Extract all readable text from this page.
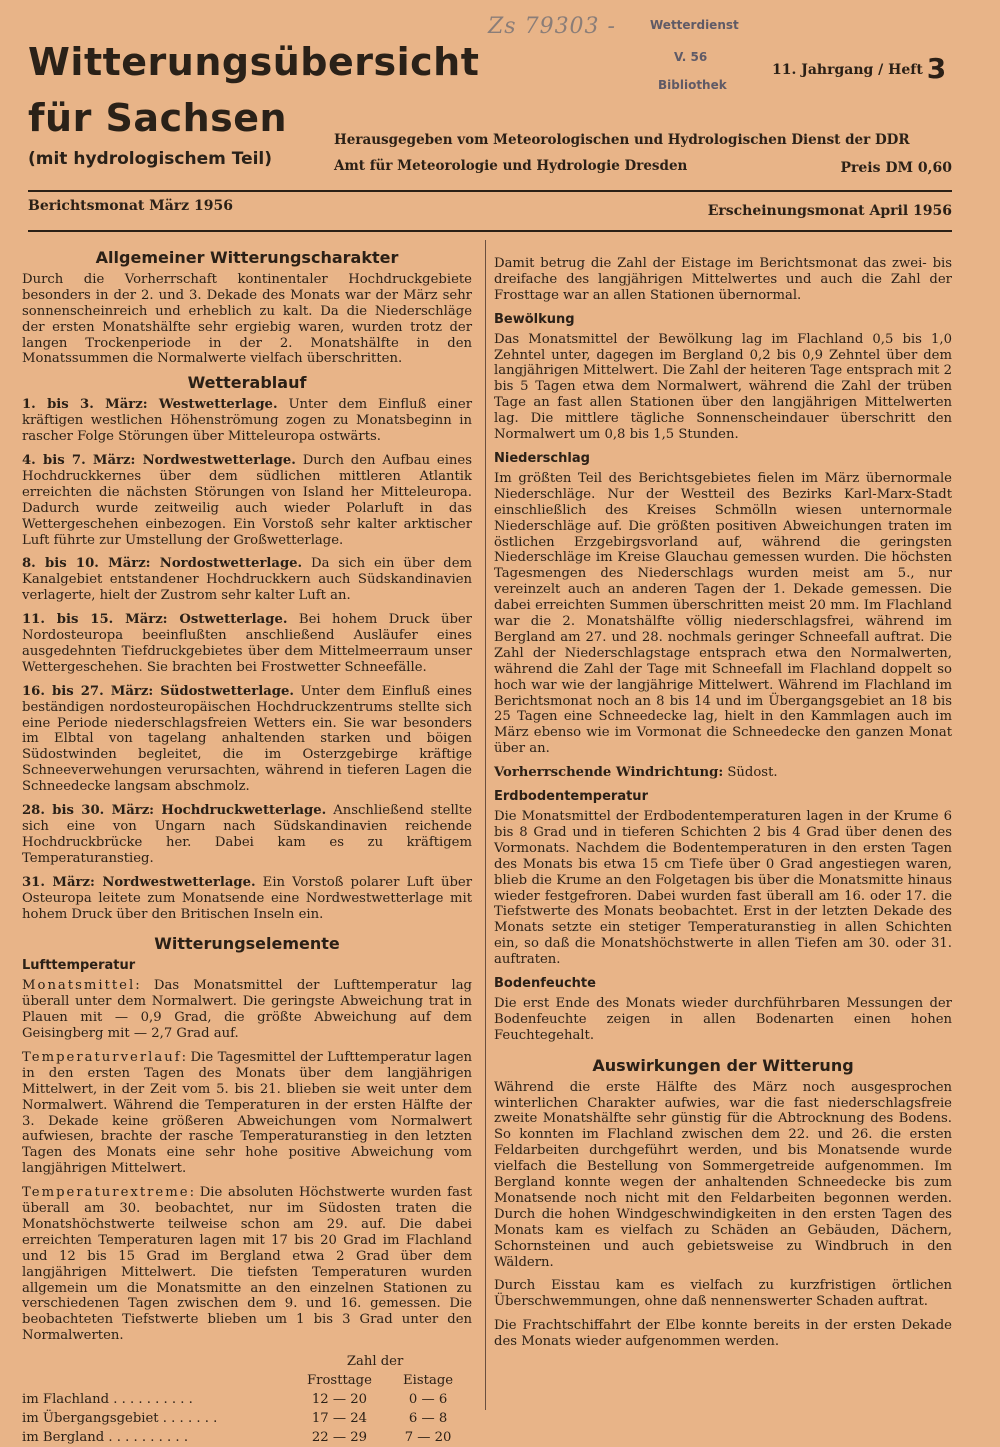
Zs 79303 -	Wetterdienst
V. 56
Bibliothek
Witterungsübersicht
für Sachsen
(mit hydrologischem Teil)
11. Jahrgang / Heft 3
Herausgegeben vom Meteorologischen und Hydrologischen Dienst der DDR
Amt für Meteorologie und Hydrologie Dresden	Preis DM 0,60
Berichtsmonat März 1956	Erscheinungsmonat April 1956
Allgemeiner Witterungscharakter

Durch die Vorherrschaft kontinentaler Hochdruckgebiete besonders in der 2. und 3. Dekade des Monats war der März sehr sonnenscheinreich und erheblich zu kalt. Da die Niederschläge der ersten Monatshälfte sehr ergiebig waren, wurden trotz der langen Trockenperiode in der 2. Monatshälfte in den Monatssummen die Normalwerte vielfach überschritten.

Wetterablauf

1. bis 3. März: Westwetterlage. Unter dem Einfluß einer kräftigen westlichen Höhenströmung zogen zu Monatsbeginn in rascher Folge Störungen über Mitteleuropa ostwärts.

4. bis 7. März: Nordwestwetterlage. Durch den Aufbau eines Hochdruckkernes über dem südlichen mittleren Atlantik erreichten die nächsten Störungen von Island her Mitteleuropa. Dadurch wurde zeitweilig auch wieder Polarluft in das Wettergeschehen einbezogen. Ein Vorstoß sehr kalter arktischer Luft führte zur Umstellung der Großwetterlage.

8. bis 10. März: Nordostwetterlage. Da sich ein über dem Kanalgebiet entstandener Hochdruckkern auch Südskandinavien verlagerte, hielt der Zustrom sehr kalter Luft an.

11. bis 15. März: Ostwetterlage. Bei hohem Druck über Nordosteuropa beeinflußten anschließend Ausläufer eines ausgedehnten Tiefdruckgebietes über dem Mittelmeerraum unser Wettergeschehen. Sie brachten bei Frostwetter Schneefälle.

16. bis 27. März: Südostwetterlage. Unter dem Einfluß eines beständigen nordosteuropäischen Hochdruckzentrums stellte sich eine Periode niederschlagsfreien Wetters ein. Sie war besonders im Elbtal von tagelang anhaltenden starken und böigen Südostwinden begleitet, die im Osterzgebirge kräftige Schneeverwehungen verursachten, während in tieferen Lagen die Schneedecke langsam abschmolz.

28. bis 30. März: Hochdruckwetterlage. Anschließend stellte sich eine von Ungarn nach Südskandinavien reichende Hochdruckbrücke her. Dabei kam es zu kräftigem Temperaturanstieg.

31. März: Nordwestwetterlage. Ein Vorstoß polarer Luft über Osteuropa leitete zum Monatsende eine Nordwestwetterlage mit hohem Druck über den Britischen Inseln ein.

Witterungselemente
Lufttemperatur

Monatsmittel: Das Monatsmittel der Lufttemperatur lag überall unter dem Normalwert. Die geringste Abweichung trat in Plauen mit — 0,9 Grad, die größte Abweichung auf dem Geisingberg mit — 2,7 Grad auf.

Temperaturverlauf: Die Tagesmittel der Lufttemperatur lagen in den ersten Tagen des Monats über dem langjährigen Mittelwert, in der Zeit vom 5. bis 21. blieben sie weit unter dem Normalwert. Während die Temperaturen in der ersten Hälfte der 3. Dekade keine größeren Abweichungen vom Normalwert aufwiesen, brachte der rasche Temperaturanstieg in den letzten Tagen des Monats eine sehr hohe positive Abweichung vom langjährigen Mittelwert.

Temperaturextreme: Die absoluten Höchstwerte wurden fast überall am 30. beobachtet, nur im Südosten traten die Monatshöchstwerte teilweise schon am 29. auf. Die dabei erreichten Temperaturen lagen mit 17 bis 20 Grad im Flachland und 12 bis 15 Grad im Bergland etwa 2 Grad über dem langjährigen Mittelwert. Die tiefsten Temperaturen wurden allgemein um die Monatsmitte an den einzelnen Stationen zu verschiedenen Tagen zwischen dem 9. und 16. gemessen. Die beobachteten Tiefstwerte blieben um 1 bis 3 Grad unter den Normalwerten.

	Zahl der	
	Frosttage	Eistage
im Flachland . . . . . . . . . .	12 — 20	0 — 6
im Übergangsgebiet . . . . . . .	17 — 24	6 — 8
im Bergland . . . . . . . . . .	22 — 29	7 — 20

Damit betrug die Zahl der Eistage im Berichtsmonat das zwei- bis dreifache des langjährigen Mittelwertes und auch die Zahl der Frosttage war an allen Stationen übernormal.

Bewölkung

Das Monatsmittel der Bewölkung lag im Flachland 0,5 bis 1,0 Zehntel unter, dagegen im Bergland 0,2 bis 0,9 Zehntel über dem langjährigen Mittelwert. Die Zahl der heiteren Tage entsprach mit 2 bis 5 Tagen etwa dem Normalwert, während die Zahl der trüben Tage an fast allen Stationen über den langjährigen Mittelwerten lag. Die mittlere tägliche Sonnenscheindauer überschritt den Normalwert um 0,8 bis 1,5 Stunden.

Niederschlag

Im größten Teil des Berichtsgebietes fielen im März übernormale Niederschläge. Nur der Westteil des Bezirks Karl-Marx-Stadt einschließlich des Kreises Schmölln wiesen unternormale Niederschläge auf. Die größten positiven Abweichungen traten im östlichen Erzgebirgsvorland auf, während die geringsten Niederschläge im Kreise Glauchau gemessen wurden. Die höchsten Tagesmengen des Niederschlags wurden meist am 5., nur vereinzelt auch an anderen Tagen der 1. Dekade gemessen. Die dabei erreichten Summen überschritten meist 20 mm. Im Flachland war die 2. Monatshälfte völlig niederschlagsfrei, während im Bergland am 27. und 28. nochmals geringer Schneefall auftrat. Die Zahl der Niederschlagstage entsprach etwa den Normalwerten, während die Zahl der Tage mit Schneefall im Flachland doppelt so hoch war wie der langjährige Mittelwert. Während im Flachland im Berichtsmonat noch an 8 bis 14 und im Übergangsgebiet an 18 bis 25 Tagen eine Schneedecke lag, hielt in den Kammlagen auch im März ebenso wie im Vormonat die Schneedecke den ganzen Monat über an.

Vorherrschende Windrichtung: Südost.

Erdbodentemperatur

Die Monatsmittel der Erdbodentemperaturen lagen in der Krume 6 bis 8 Grad und in tieferen Schichten 2 bis 4 Grad über denen des Vormonats. Nachdem die Bodentemperaturen in den ersten Tagen des Monats bis etwa 15 cm Tiefe über 0 Grad angestiegen waren, blieb die Krume an den Folgetagen bis über die Monatsmitte hinaus wieder festgefroren. Dabei wurden fast überall am 16. oder 17. die Tiefstwerte des Monats beobachtet. Erst in der letzten Dekade des Monats setzte ein stetiger Temperaturanstieg in allen Schichten ein, so daß die Monatshöchstwerte in allen Tiefen am 30. oder 31. auftraten.

Bodenfeuchte

Die erst Ende des Monats wieder durchführbaren Messungen der Bodenfeuchte zeigen in allen Bodenarten einen hohen Feuchtegehalt.

Auswirkungen der Witterung

Während die erste Hälfte des März noch ausgesprochen winterlichen Charakter aufwies, war die fast niederschlagsfreie zweite Monatshälfte sehr günstig für die Abtrocknung des Bodens. So konnten im Flachland zwischen dem 22. und 26. die ersten Feldarbeiten durchgeführt werden, und bis Monatsende wurde vielfach die Bestellung von Sommergetreide aufgenommen. Im Bergland konnte wegen der anhaltenden Schneedecke bis zum Monatsende noch nicht mit den Feldarbeiten begonnen werden. Durch die hohen Windgeschwindigkeiten in den ersten Tagen des Monats kam es vielfach zu Schäden an Gebäuden, Dächern, Schornsteinen und auch gebietsweise zu Windbruch in den Wäldern.

Durch Eisstau kam es vielfach zu kurzfristigen örtlichen Überschwemmungen, ohne daß nennenswerter Schaden auftrat.

Die Frachtschiffahrt der Elbe konnte bereits in der ersten Dekade des Monats wieder aufgenommen werden.
